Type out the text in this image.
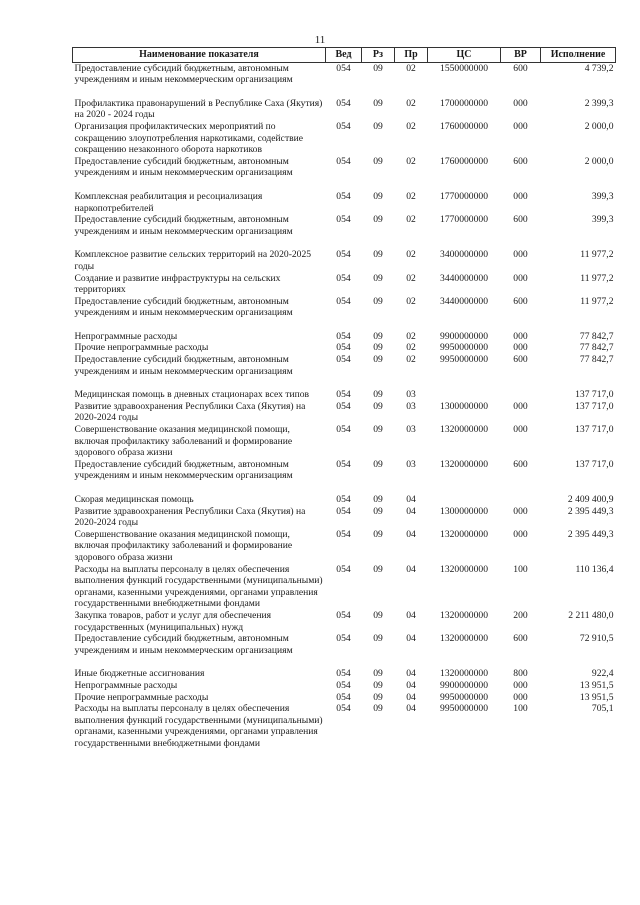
11
Наименование показателя	Вед	Рз	Пр	ЦС	ВР	Исполнение
Предоставление субсидий бюджетным, автономным учреждениям и иным некоммерческим организациям	054	09	02	1550000000	600	4 739,2

Профилактика правонарушений в Республике Саха (Якутия) на 2020 - 2024 годы	054	09	02	1700000000	000	2 399,3
Организация профилактических мероприятий по сокращению злоупотребления наркотиками, содействие сокращению незаконного оборота наркотиков	054	09	02	1760000000	000	2 000,0
Предоставление субсидий бюджетным, автономным учреждениям и иным некоммерческим организациям	054	09	02	1760000000	600	2 000,0

Комплексная реабилитация и ресоциализация наркопотребителей	054	09	02	1770000000	000	399,3
Предоставление субсидий бюджетным, автономным учреждениям и иным некоммерческим организациям	054	09	02	1770000000	600	399,3

Комплексное развитие сельских территорий на 2020-2025 годы	054	09	02	3400000000	000	11 977,2
Создание и развитие инфраструктуры на сельских территориях	054	09	02	3440000000	000	11 977,2
Предоставление субсидий бюджетным, автономным учреждениям и иным некоммерческим организациям	054	09	02	3440000000	600	11 977,2

Непрограммные расходы	054	09	02	9900000000	000	77 842,7
Прочие непрограммные расходы	054	09	02	9950000000	000	77 842,7
Предоставление субсидий бюджетным, автономным учреждениям и иным некоммерческим организациям	054	09	02	9950000000	600	77 842,7

Медицинская помощь в дневных стационарах всех типов	054	09	03			137 717,0
Развитие здравоохранения Республики Саха (Якутия) на 2020-2024 годы	054	09	03	1300000000	000	137 717,0
Совершенствование оказания медицинской помощи, включая профилактику заболеваний и формирование здорового образа жизни	054	09	03	1320000000	000	137 717,0
Предоставление субсидий бюджетным, автономным учреждениям и иным некоммерческим организациям	054	09	03	1320000000	600	137 717,0

Скорая медицинская помощь	054	09	04			2 409 400,9
Развитие здравоохранения Республики Саха (Якутия) на 2020-2024 годы	054	09	04	1300000000	000	2 395 449,3
Совершенствование оказания медицинской помощи, включая профилактику заболеваний и формирование здорового образа жизни	054	09	04	1320000000	000	2 395 449,3
Расходы на выплаты персоналу в целях обеспечения выполнения функций государственными (муниципальными) органами, казенными учреждениями, органами управления государственными внебюджетными фондами	054	09	04	1320000000	100	110 136,4
Закупка товаров, работ и услуг для обеспечения государственных (муниципальных) нужд	054	09	04	1320000000	200	2 211 480,0
Предоставление субсидий бюджетным, автономным учреждениям и иным некоммерческим организациям	054	09	04	1320000000	600	72 910,5

Иные бюджетные ассигнования	054	09	04	1320000000	800	922,4
Непрограммные расходы	054	09	04	9900000000	000	13 951,5
Прочие непрограммные расходы	054	09	04	9950000000	000	13 951,5
Расходы на выплаты персоналу в целях обеспечения выполнения функций государственными (муниципальными) органами, казенными учреждениями, органами управления государственными внебюджетными фондами	054	09	04	9950000000	100	705,1
